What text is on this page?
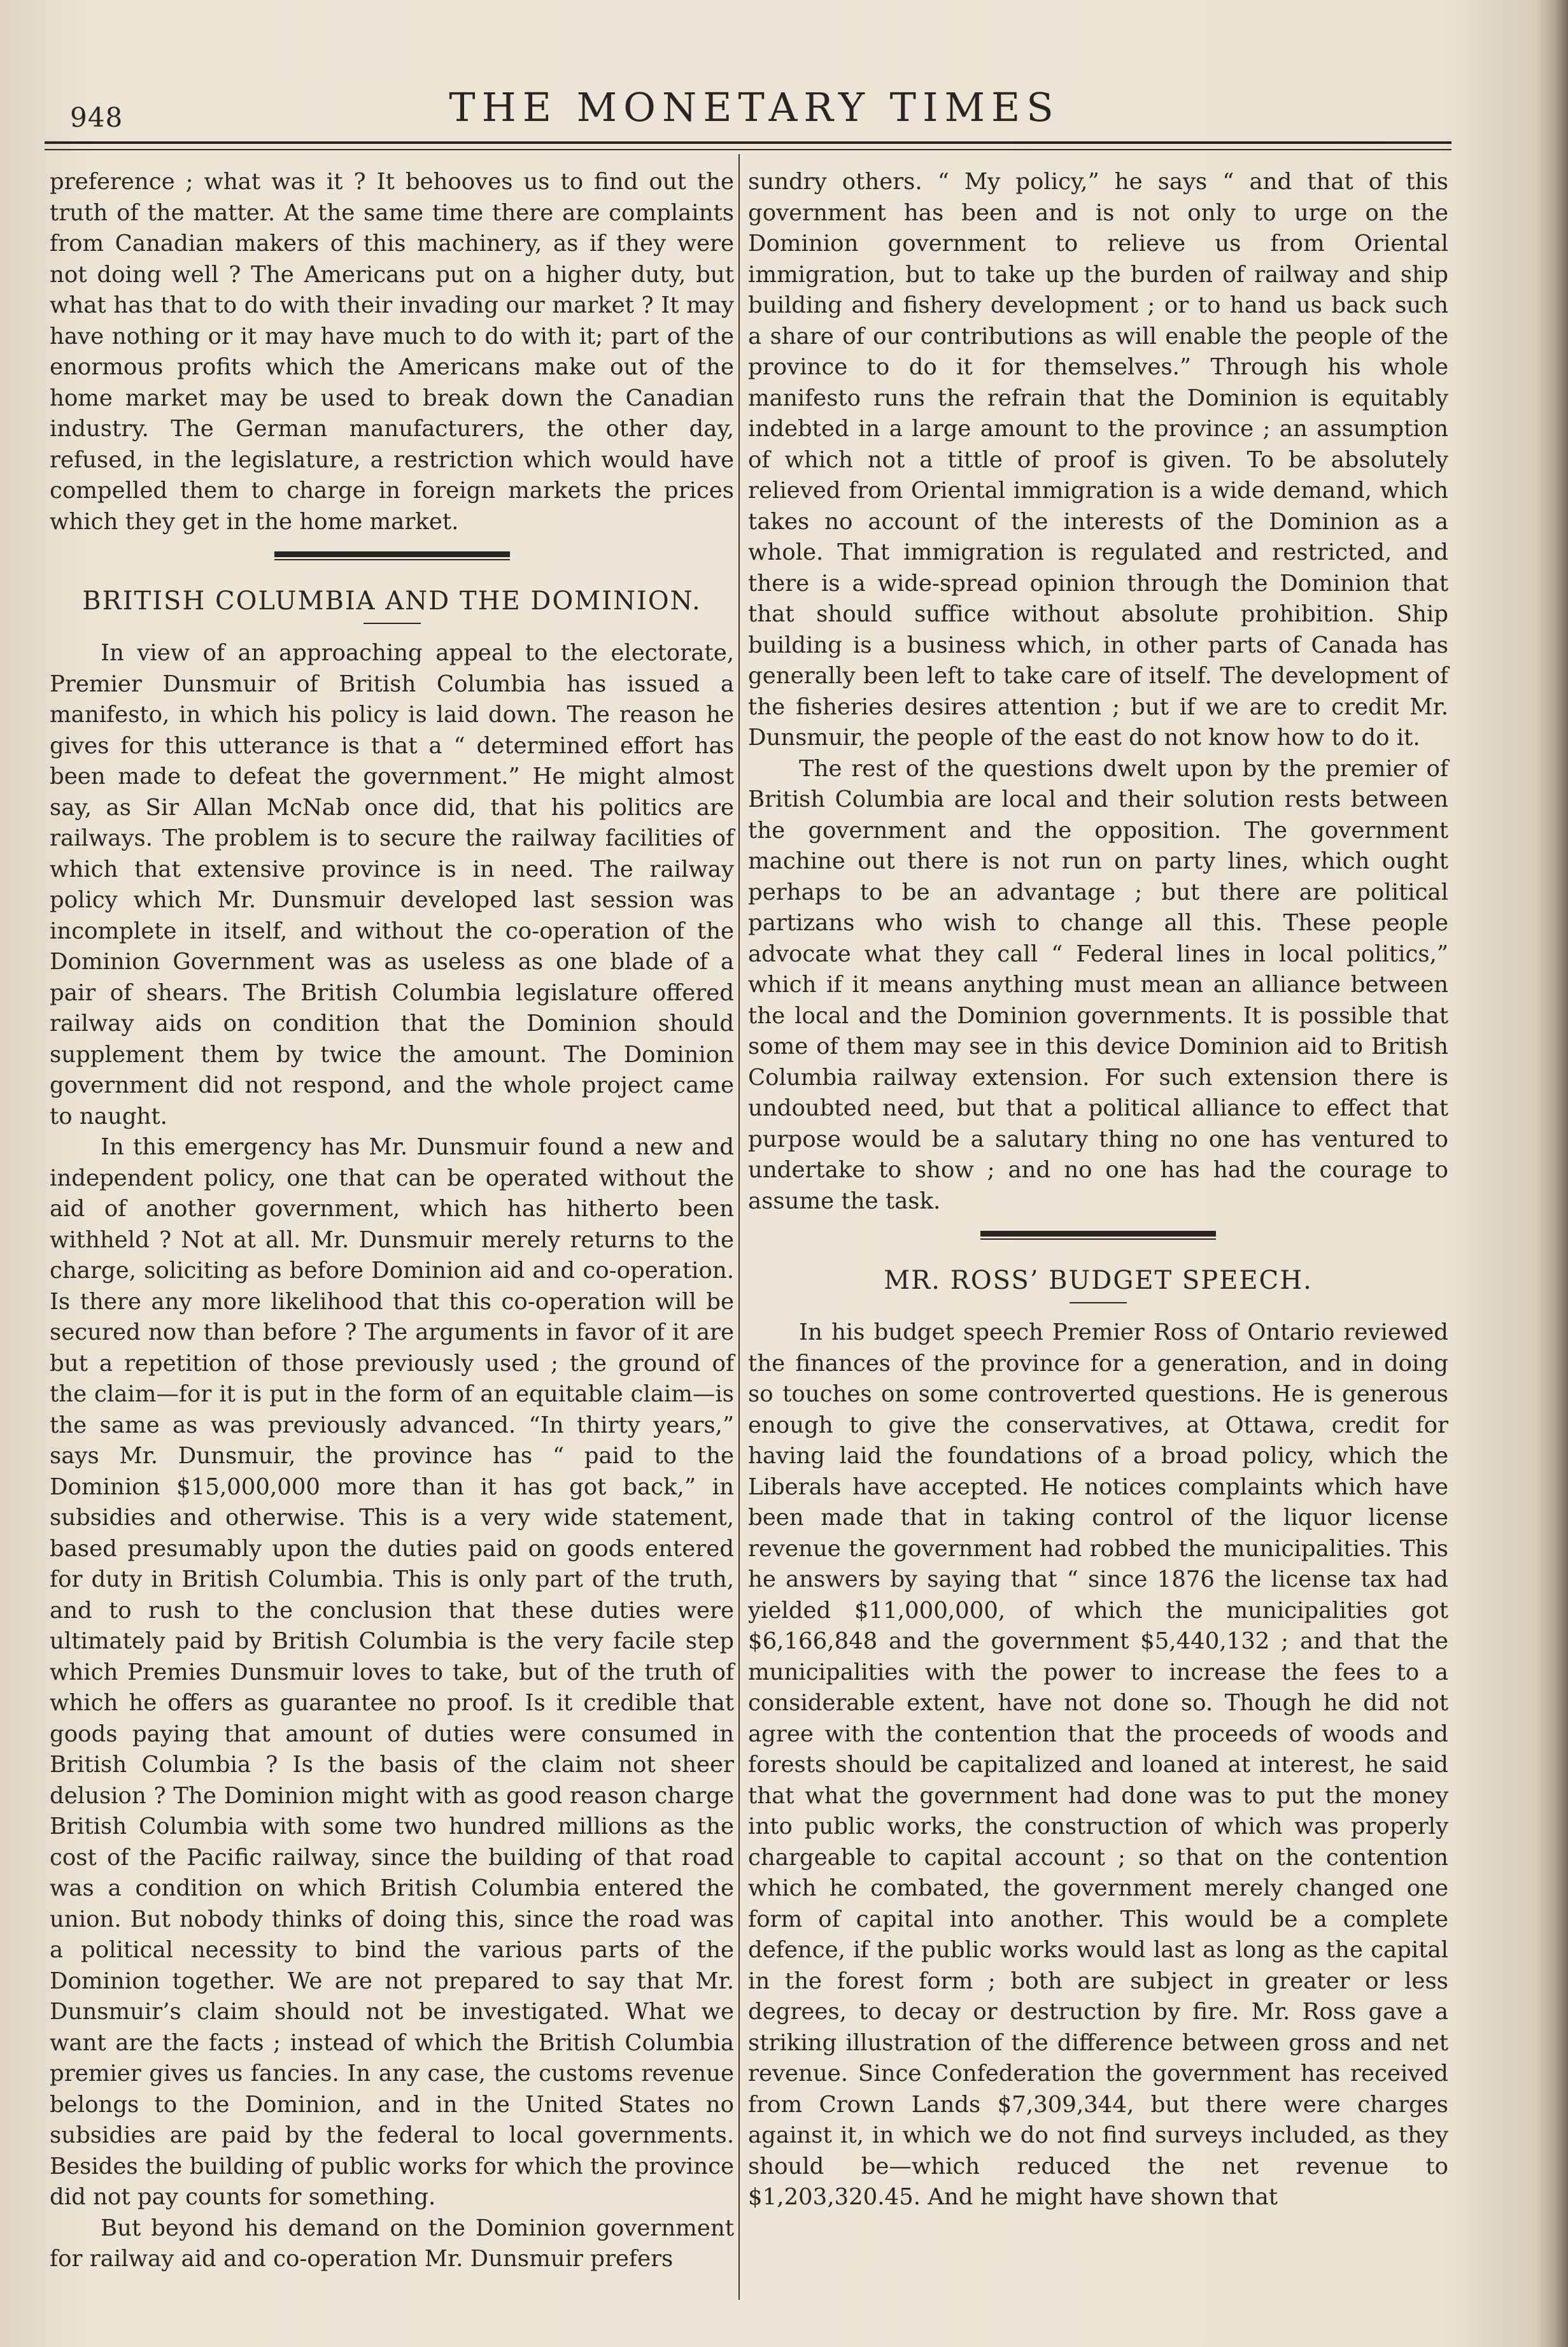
948	THE MONETARY TIMES

preference ; what was it ? It behooves us to find out the truth of the matter. At the same time there are complaints from Canadian makers of this machinery, as if they were not doing well ? The Americans put on a higher duty, but what has that to do with their invading our market ? It may have nothing or it may have much to do with it; part of the enormous profits which the Americans make out of the home market may be used to break down the Canadian industry. The German manufacturers, the other day, refused, in the legislature, a restriction which would have compelled them to charge in foreign markets the prices which they get in the home market.

BRITISH COLUMBIA AND THE DOMINION.

In view of an approaching appeal to the electorate, Premier Dunsmuir of British Columbia has issued a manifesto, in which his policy is laid down. The reason he gives for this utterance is that a “ determined effort has been made to defeat the government.” He might almost say, as Sir Allan McNab once did, that his politics are railways. The problem is to secure the railway facilities of which that extensive province is in need. The railway policy which Mr. Dunsmuir developed last session was incomplete in itself, and without the co-operation of the Dominion Government was as useless as one blade of a pair of shears. The British Columbia legislature offered railway aids on condition that the Dominion should supplement them by twice the amount. The Dominion government did not respond, and the whole project came to naught.

In this emergency has Mr. Dunsmuir found a new and independent policy, one that can be operated without the aid of another government, which has hitherto been withheld ? Not at all. Mr. Dunsmuir merely returns to the charge, soliciting as before Dominion aid and co-operation. Is there any more likelihood that this co-operation will be secured now than before ? The arguments in favor of it are but a repetition of those previously used ; the ground of the claim—for it is put in the form of an equitable claim—is the same as was previously advanced. “In thirty years,” says Mr. Dunsmuir, the province has “ paid to the Dominion $15,000,000 more than it has got back,” in subsidies and otherwise. This is a very wide statement, based presumably upon the duties paid on goods entered for duty in British Columbia. This is only part of the truth, and to rush to the conclusion that these duties were ultimately paid by British Columbia is the very facile step which Premies Dunsmuir loves to take, but of the truth of which he offers as guarantee no proof. Is it credible that goods paying that amount of duties were consumed in British Columbia ? Is the basis of the claim not sheer delusion ? The Dominion might with as good reason charge British Columbia with some two hundred millions as the cost of the Pacific railway, since the building of that road was a condition on which British Columbia entered the union. But nobody thinks of doing this, since the road was a political necessity to bind the various parts of the Dominion together. We are not prepared to say that Mr. Dunsmuir’s claim should not be investigated. What we want are the facts ; instead of which the British Columbia premier gives us fancies. In any case, the customs revenue belongs to the Dominion, and in the United States no subsidies are paid by the federal to local governments. Besides the building of public works for which the province did not pay counts for something.

But beyond his demand on the Dominion government for railway aid and co-operation Mr. Dunsmuir prefers

sundry others. “ My policy,” he says “ and that of this government has been and is not only to urge on the Dominion government to relieve us from Oriental immigration, but to take up the burden of railway and ship building and fishery development ; or to hand us back such a share of our contributions as will enable the people of the province to do it for themselves.” Through his whole manifesto runs the refrain that the Dominion is equitably indebted in a large amount to the province ; an assumption of which not a tittle of proof is given. To be absolutely relieved from Oriental immigration is a wide demand, which takes no account of the interests of the Dominion as a whole. That immigration is regulated and restricted, and there is a wide-spread opinion through the Dominion that that should suffice without absolute prohibition. Ship building is a business which, in other parts of Canada has generally been left to take care of itself. The development of the fisheries desires attention ; but if we are to credit Mr. Dunsmuir, the people of the east do not know how to do it.

The rest of the questions dwelt upon by the premier of British Columbia are local and their solution rests between the government and the opposition. The government machine out there is not run on party lines, which ought perhaps to be an advantage ; but there are political partizans who wish to change all this. These people advocate what they call “ Federal lines in local politics,” which if it means anything must mean an alliance between the local and the Dominion governments. It is possible that some of them may see in this device Dominion aid to British Columbia railway extension. For such extension there is undoubted need, but that a political alliance to effect that purpose would be a salutary thing no one has ventured to undertake to show ; and no one has had the courage to assume the task.

MR. ROSS’ BUDGET SPEECH.

In his budget speech Premier Ross of Ontario reviewed the finances of the province for a generation, and in doing so touches on some controverted questions. He is generous enough to give the conservatives, at Ottawa, credit for having laid the foundations of a broad policy, which the Liberals have accepted. He notices complaints which have been made that in taking control of the liquor license revenue the government had robbed the municipalities. This he answers by saying that “ since 1876 the license tax had yielded $11,000,000, of which the municipalities got $6,166,848 and the government $5,440,132 ; and that the municipalities with the power to increase the fees to a considerable extent, have not done so. Though he did not agree with the contention that the proceeds of woods and forests should be capitalized and loaned at interest, he said that what the government had done was to put the money into public works, the construction of which was properly chargeable to capital account ; so that on the contention which he combated, the government merely changed one form of capital into another. This would be a complete defence, if the public works would last as long as the capital in the forest form ; both are subject in greater or less degrees, to decay or destruction by fire. Mr. Ross gave a striking illustration of the difference between gross and net revenue. Since Confederation the government has received from Crown Lands $7,309,344, but there were charges against it, in which we do not find surveys included, as they should be—which reduced the net revenue to $1,203,320.45. And he might have shown that
